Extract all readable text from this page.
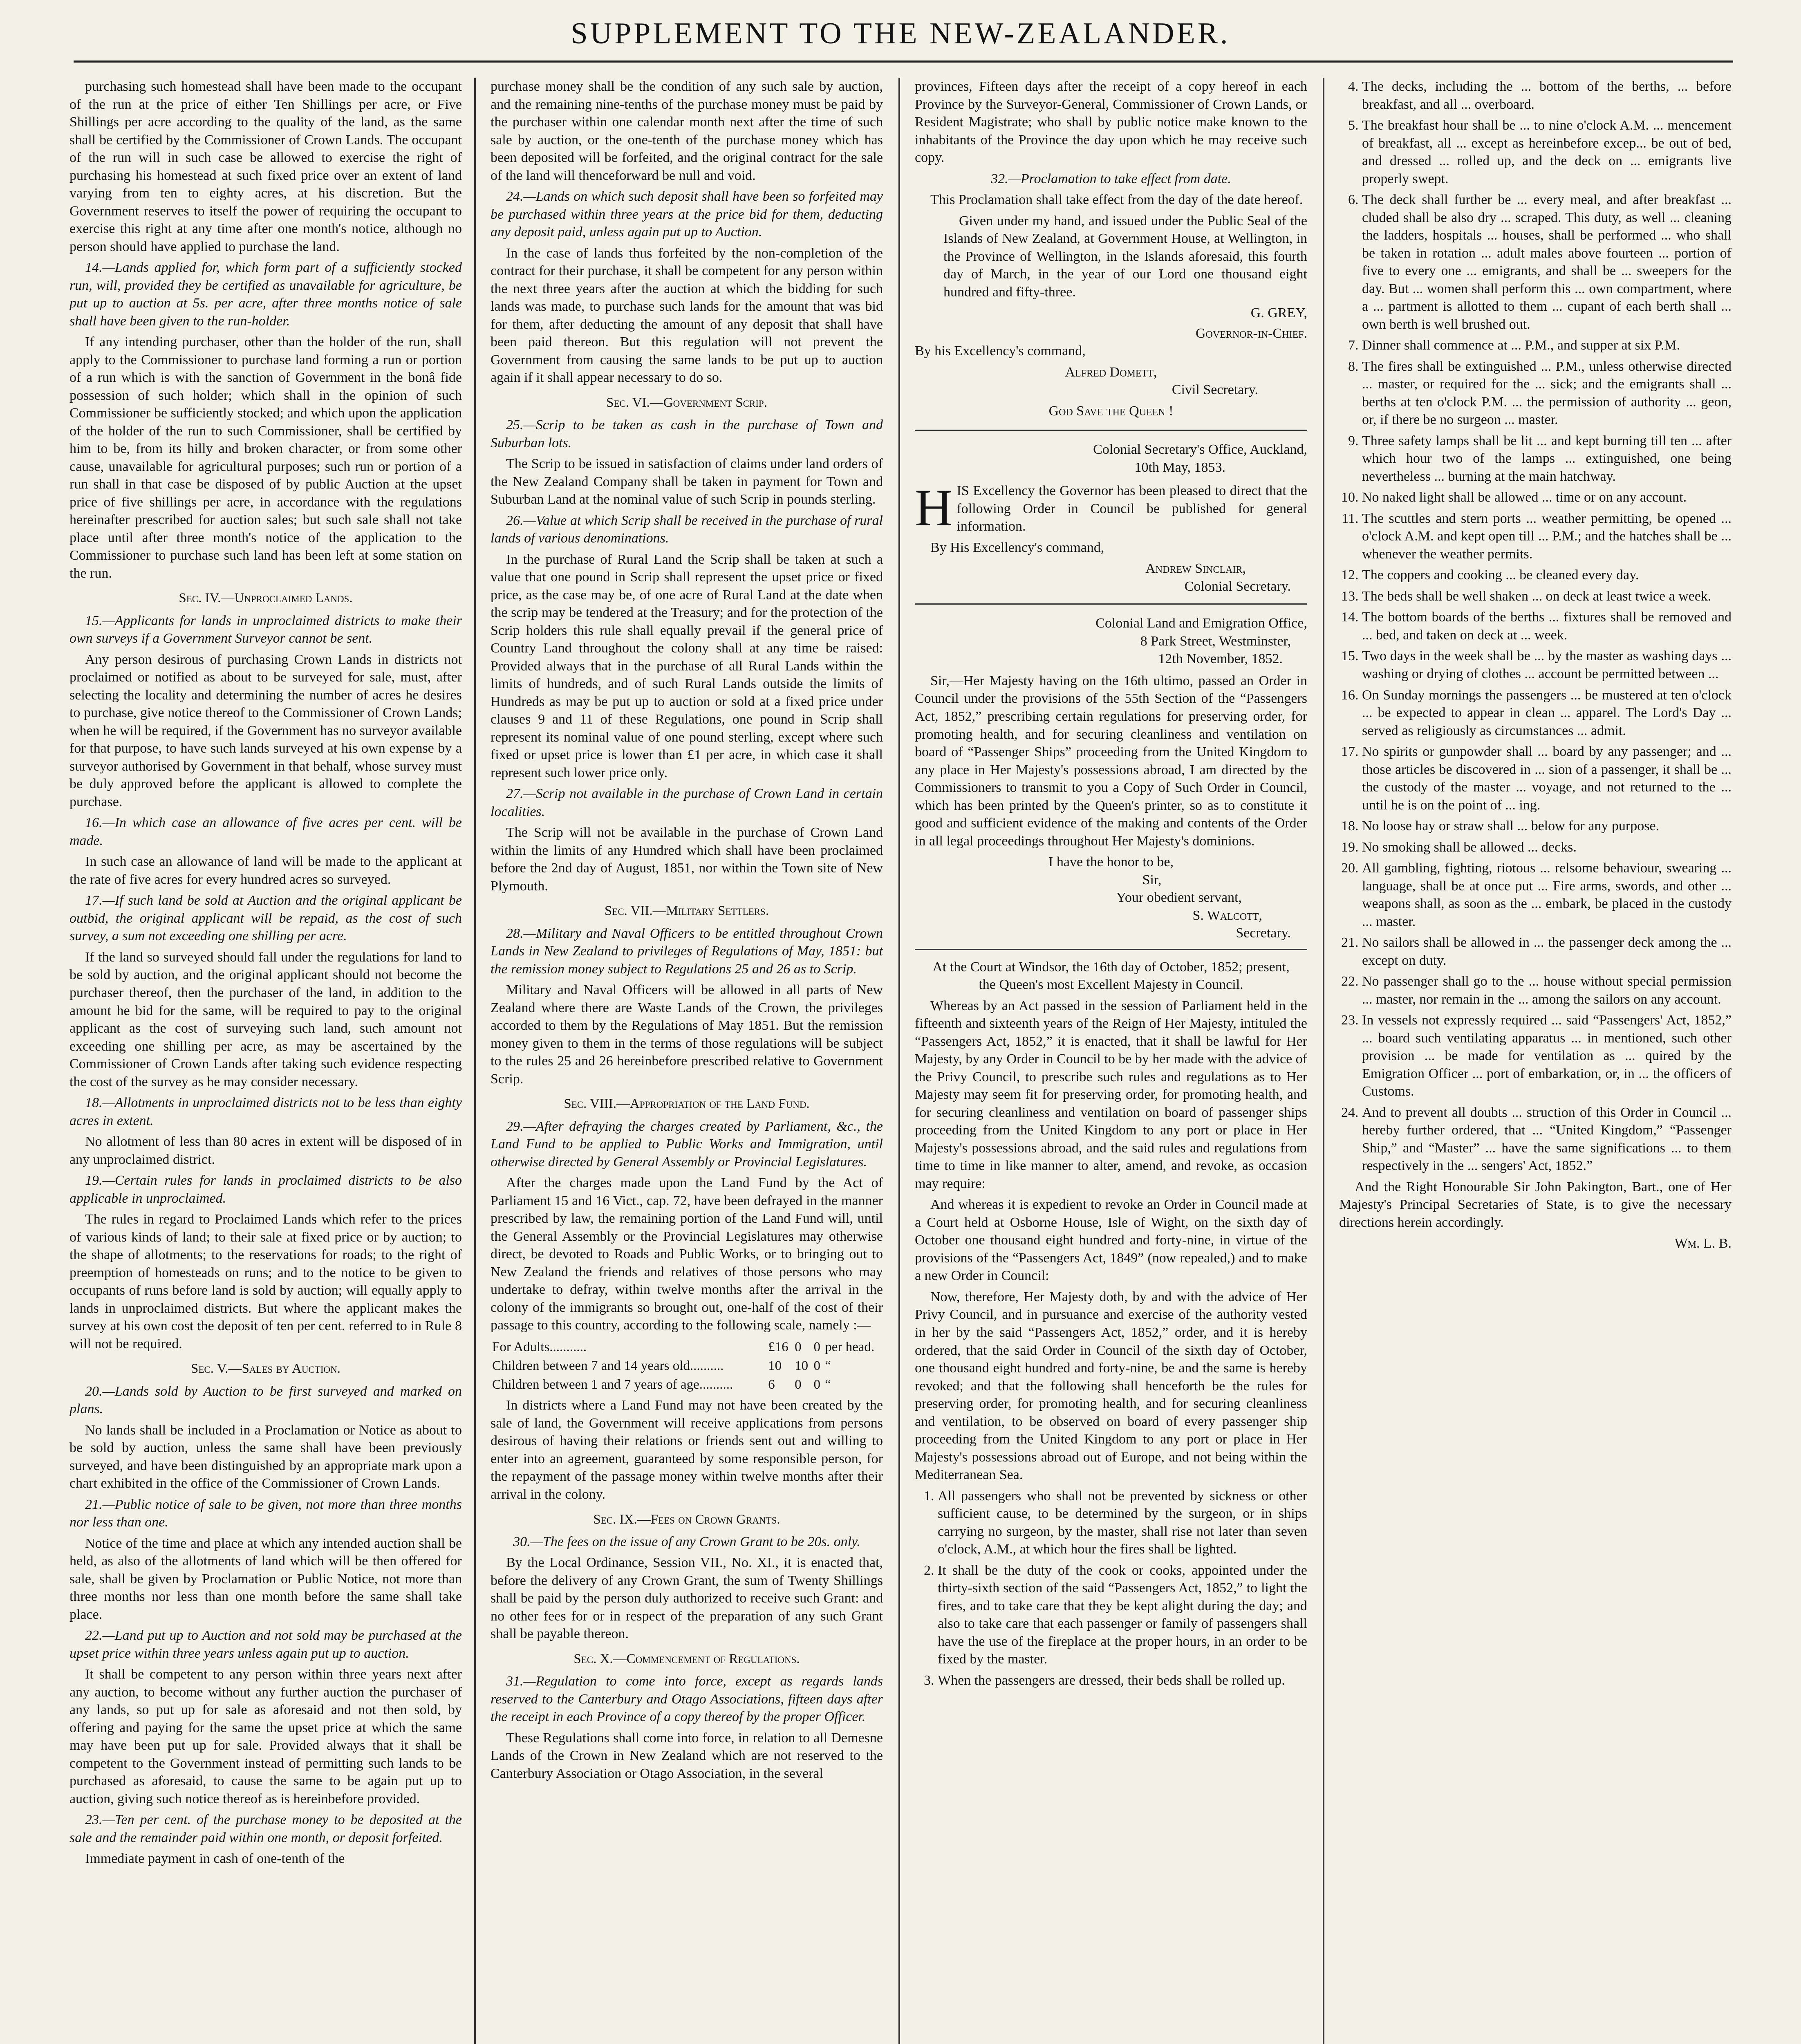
SUPPLEMENT TO THE NEW-ZEALANDER.

purchasing such homestead shall have been made to the occupant of the run at the price of either Ten Shillings per acre, or Five Shillings per acre according to the quality of the land, as the same shall be certified by the Commissioner of Crown Lands. The occupant of the run will in such case be allowed to exercise the right of purchasing his homestead at such fixed price over an extent of land varying from ten to eighty acres, at his discretion. But the Government reserves to itself the power of requiring the occupant to exercise this right at any time after one month's notice, although no person should have applied to purchase the land.

14.—Lands applied for, which form part of a sufficiently stocked run, will, provided they be certified as unavailable for agriculture, be put up to auction at 5s. per acre, after three months notice of sale shall have been given to the run-holder.

If any intending purchaser, other than the holder of the run, shall apply to the Commissioner to purchase land forming a run or portion of a run which is with the sanction of Government in the bonâ fide possession of such holder; which shall in the opinion of such Commissioner be sufficiently stocked; and which upon the application of the holder of the run to such Commissioner, shall be certified by him to be, from its hilly and broken character, or from some other cause, unavailable for agricultural purposes; such run or portion of a run shall in that case be disposed of by public Auction at the upset price of five shillings per acre, in accordance with the regulations hereinafter prescribed for auction sales; but such sale shall not take place until after three month's notice of the application to the Commissioner to purchase such land has been left at some station on the run.

Sec. IV.—Unproclaimed Lands.

15.—Applicants for lands in unproclaimed districts to make their own surveys if a Government Surveyor cannot be sent.

Any person desirous of purchasing Crown Lands in districts not proclaimed or notified as about to be surveyed for sale, must, after selecting the locality and determining the number of acres he desires to purchase, give notice thereof to the Commissioner of Crown Lands; when he will be required, if the Government has no surveyor available for that purpose, to have such lands surveyed at his own expense by a surveyor authorised by Government in that behalf, whose survey must be duly approved before the applicant is allowed to complete the purchase.

16.—In which case an allowance of five acres per cent. will be made.

In such case an allowance of land will be made to the applicant at the rate of five acres for every hundred acres so surveyed.

17.—If such land be sold at Auction and the original applicant be outbid, the original applicant will be repaid, as the cost of such survey, a sum not exceeding one shilling per acre.

If the land so surveyed should fall under the regulations for land to be sold by auction, and the original applicant should not become the purchaser thereof, then the purchaser of the land, in addition to the amount he bid for the same, will be required to pay to the original applicant as the cost of surveying such land, such amount not exceeding one shilling per acre, as may be ascertained by the Commissioner of Crown Lands after taking such evidence respecting the cost of the survey as he may consider necessary.

18.—Allotments in unproclaimed districts not to be less than eighty acres in extent.

No allotment of less than 80 acres in extent will be disposed of in any unproclaimed district.

19.—Certain rules for lands in proclaimed districts to be also applicable in unproclaimed.

The rules in regard to Proclaimed Lands which refer to the prices of various kinds of land; to their sale at fixed price or by auction; to the shape of allotments; to the reservations for roads; to the right of preemption of homesteads on runs; and to the notice to be given to occupants of runs before land is sold by auction; will equally apply to lands in unproclaimed districts. But where the applicant makes the survey at his own cost the deposit of ten per cent. referred to in Rule 8 will not be required.

Sec. V.—Sales by Auction.

20.—Lands sold by Auction to be first surveyed and marked on plans.

No lands shall be included in a Proclamation or Notice as about to be sold by auction, unless the same shall have been previously surveyed, and have been distinguished by an appropriate mark upon a chart exhibited in the office of the Commissioner of Crown Lands.

21.—Public notice of sale to be given, not more than three months nor less than one.

Notice of the time and place at which any intended auction shall be held, as also of the allotments of land which will be then offered for sale, shall be given by Proclamation or Public Notice, not more than three months nor less than one month before the same shall take place.

22.—Land put up to Auction and not sold may be purchased at the upset price within three years unless again put up to auction.

It shall be competent to any person within three years next after any auction, to become without any further auction the purchaser of any lands, so put up for sale as aforesaid and not then sold, by offering and paying for the same the upset price at which the same may have been put up for sale. Provided always that it shall be competent to the Government instead of permitting such lands to be purchased as aforesaid, to cause the same to be again put up to auction, giving such notice thereof as is hereinbefore provided.

23.—Ten per cent. of the purchase money to be deposited at the sale and the remainder paid within one month, or deposit forfeited.

Immediate payment in cash of one-tenth of the

purchase money shall be the condition of any such sale by auction, and the remaining nine-tenths of the purchase money must be paid by the purchaser within one calendar month next after the time of such sale by auction, or the one-tenth of the purchase money which has been deposited will be forfeited, and the original contract for the sale of the land will thenceforward be null and void.

24.—Lands on which such deposit shall have been so forfeited may be purchased within three years at the price bid for them, deducting any deposit paid, unless again put up to Auction.

In the case of lands thus forfeited by the non-completion of the contract for their purchase, it shall be competent for any person within the next three years after the auction at which the bidding for such lands was made, to purchase such lands for the amount that was bid for them, after deducting the amount of any deposit that shall have been paid thereon. But this regulation will not prevent the Government from causing the same lands to be put up to auction again if it shall appear necessary to do so.

Sec. VI.—Government Scrip.

25.—Scrip to be taken as cash in the purchase of Town and Suburban lots.

The Scrip to be issued in satisfaction of claims under land orders of the New Zealand Company shall be taken in payment for Town and Suburban Land at the nominal value of such Scrip in pounds sterling.

26.—Value at which Scrip shall be received in the purchase of rural lands of various denominations.

In the purchase of Rural Land the Scrip shall be taken at such a value that one pound in Scrip shall represent the upset price or fixed price, as the case may be, of one acre of Rural Land at the date when the scrip may be tendered at the Treasury; and for the protection of the Scrip holders this rule shall equally prevail if the general price of Country Land throughout the colony shall at any time be raised: Provided always that in the purchase of all Rural Lands within the limits of hundreds, and of such Rural Lands outside the limits of Hundreds as may be put up to auction or sold at a fixed price under clauses 9 and 11 of these Regulations, one pound in Scrip shall represent its nominal value of one pound sterling, except where such fixed or upset price is lower than £1 per acre, in which case it shall represent such lower price only.

27.—Scrip not available in the purchase of Crown Land in certain localities.

The Scrip will not be available in the purchase of Crown Land within the limits of any Hundred which shall have been proclaimed before the 2nd day of August, 1851, nor within the Town site of New Plymouth.

Sec. VII.—Military Settlers.

28.—Military and Naval Officers to be entitled throughout Crown Lands in New Zealand to privileges of Regulations of May, 1851: but the remission money subject to Regulations 25 and 26 as to Scrip.

Military and Naval Officers will be allowed in all parts of New Zealand where there are Waste Lands of the Crown, the privileges accorded to them by the Regulations of May 1851. But the remission money given to them in the terms of those regulations will be subject to the rules 25 and 26 hereinbefore prescribed relative to Government Scrip.

Sec. VIII.—Appropriation of the Land Fund.

29.—After defraying the charges created by Parliament, &c., the Land Fund to be applied to Public Works and Immigration, until otherwise directed by General Assembly or Provincial Legislatures.

After the charges made upon the Land Fund by the Act of Parliament 15 and 16 Vict., cap. 72, have been defrayed in the manner prescribed by law, the remaining portion of the Land Fund will, until the General Assembly or the Provincial Legislatures may otherwise direct, be devoted to Roads and Public Works, or to bringing out to New Zealand the friends and relatives of those persons who may undertake to defray, within twelve months after the arrival in the colony of the immigrants so brought out, one-half of the cost of their passage to this country, according to the following scale, namely :—

For Adults...........	£16	0	0	per head.
Children between 7 and 14 years old..........	10	10	0	“
Children between 1 and 7 years of age..........	6	0	0	“

In districts where a Land Fund may not have been created by the sale of land, the Government will receive applications from persons desirous of having their relations or friends sent out and willing to enter into an agreement, guaranteed by some responsible person, for the repayment of the passage money within twelve months after their arrival in the colony.

Sec. IX.—Fees on Crown Grants.

30.—The fees on the issue of any Crown Grant to be 20s. only.

By the Local Ordinance, Session VII., No. XI., it is enacted that, before the delivery of any Crown Grant, the sum of Twenty Shillings shall be paid by the person duly authorized to receive such Grant: and no other fees for or in respect of the preparation of any such Grant shall be payable thereon.

Sec. X.—Commencement of Regulations.

31.—Regulation to come into force, except as regards lands reserved to the Canterbury and Otago Associations, fifteen days after the receipt in each Province of a copy thereof by the proper Officer.

These Regulations shall come into force, in relation to all Demesne Lands of the Crown in New Zealand which are not reserved to the Canterbury Association or Otago Association, in the several

provinces, Fifteen days after the receipt of a copy hereof in each Province by the Surveyor-General, Commissioner of Crown Lands, or Resident Magistrate; who shall by public notice make known to the inhabitants of the Province the day upon which he may receive such copy.

32.—Proclamation to take effect from date.

This Proclamation shall take effect from the day of the date hereof.

Given under my hand, and issued under the Public Seal of the Islands of New Zealand, at Government House, at Wellington, in the Province of Wellington, in the Islands aforesaid, this fourth day of March, in the year of our Lord one thousand eight hundred and fifty-three.

G. GREY,
Governor-in-Chief.

By his Excellency's command,

Alfred Domett,
Civil Secretary.
God Save the Queen !
Colonial Secretary's Office, Auckland,
10th May, 1853.

H IS Excellency the Governor has been pleased to direct that the following Order in Council be published for general information.

By His Excellency's command,

Andrew Sinclair,
Colonial Secretary.
Colonial Land and Emigration Office,
8 Park Street, Westminster,
12th November, 1852.

Sir,—Her Majesty having on the 16th ultimo, passed an Order in Council under the provisions of the 55th Section of the “Passengers Act, 1852,” prescribing certain regulations for preserving order, for promoting health, and for securing cleanliness and ventilation on board of “Passenger Ships” proceeding from the United Kingdom to any place in Her Majesty's possessions abroad, I am directed by the Commissioners to transmit to you a Copy of Such Order in Council, which has been printed by the Queen's printer, so as to constitute it good and sufficient evidence of the making and contents of the Order in all legal proceedings throughout Her Majesty's dominions.

I have the honor to be,
Sir,
Your obedient servant,
S. Walcott,
Secretary.

At the Court at Windsor, the 16th day of October, 1852; present, the Queen's most Excellent Majesty in Council.

Whereas by an Act passed in the session of Parliament held in the fifteenth and sixteenth years of the Reign of Her Majesty, intituled the “Passengers Act, 1852,” it is enacted, that it shall be lawful for Her Majesty, by any Order in Council to be by her made with the advice of the Privy Council, to prescribe such rules and regulations as to Her Majesty may seem fit for preserving order, for promoting health, and for securing cleanliness and ventilation on board of passenger ships proceeding from the United Kingdom to any port or place in Her Majesty's possessions abroad, and the said rules and regulations from time to time in like manner to alter, amend, and revoke, as occasion may require:

And whereas it is expedient to revoke an Order in Council made at a Court held at Osborne House, Isle of Wight, on the sixth day of October one thousand eight hundred and forty-nine, in virtue of the provisions of the “Passengers Act, 1849” (now repealed,) and to make a new Order in Council:

Now, therefore, Her Majesty doth, by and with the advice of Her Privy Council, and in pursuance and exercise of the authority vested in her by the said “Passengers Act, 1852,” order, and it is hereby ordered, that the said Order in Council of the sixth day of October, one thousand eight hundred and forty-nine, be and the same is hereby revoked; and that the following shall henceforth be the rules for preserving order, for promoting health, and for securing cleanliness and ventilation, to be observed on board of every passenger ship proceeding from the United Kingdom to any port or place in Her Majesty's possessions abroad out of Europe, and not being within the Mediterranean Sea.

1. All passengers who shall not be prevented by sickness or other sufficient cause, to be determined by the surgeon, or in ships carrying no surgeon, by the master, shall rise not later than seven o'clock, A.M., at which hour the fires shall be lighted.
2. It shall be the duty of the cook or cooks, appointed under the thirty-sixth section of the said “Passengers Act, 1852,” to light the fires, and to take care that they be kept alight during the day; and also to take care that each passenger or family of passengers shall have the use of the fireplace at the proper hours, in an order to be fixed by the master.
3. When the passengers are dressed, their beds shall be rolled up.
4. The decks, including the ... bottom of the berths, ... before breakfast, and all ... overboard.
5. The breakfast hour shall be ... to nine o'clock A.M. ... mencement of breakfast, all ... except as hereinbefore excep... be out of bed, and dressed ... rolled up, and the deck on ... emigrants live properly swept.
6. The deck shall further be ... every meal, and after breakfast ... cluded shall be also dry ... scraped. This duty, as well ... cleaning the ladders, hospitals ... houses, shall be performed ... who shall be taken in rotation ... adult males above fourteen ... portion of five to every one ... emigrants, and shall be ... sweepers for the day. But ... women shall perform this ... own compartment, where a ... partment is allotted to them ... cupant of each berth shall ... own berth is well brushed out.
7. Dinner shall commence at ... P.M., and supper at six P.M.
8. The fires shall be extinguished ... P.M., unless otherwise directed ... master, or required for the ... sick; and the emigrants shall ... berths at ten o'clock P.M. ... the permission of authority ... geon, or, if there be no surgeon ... master.
9. Three safety lamps shall be lit ... and kept burning till ten ... after which hour two of the lamps ... extinguished, one being nevertheless ... burning at the main hatchway.
10. No naked light shall be allowed ... time or on any account.
11. The scuttles and stern ports ... weather permitting, be opened ... o'clock A.M. and kept open till ... P.M.; and the hatches shall be ... whenever the weather permits.
12. The coppers and cooking ... be cleaned every day.
13. The beds shall be well shaken ... on deck at least twice a week.
14. The bottom boards of the berths ... fixtures shall be removed and ... bed, and taken on deck at ... week.
15. Two days in the week shall be ... by the master as washing days ... washing or drying of clothes ... account be permitted between ...
16. On Sunday mornings the passengers ... be mustered at ten o'clock ... be expected to appear in clean ... apparel. The Lord's Day ... served as religiously as circumstances ... admit.
17. No spirits or gunpowder shall ... board by any passenger; and ... those articles be discovered in ... sion of a passenger, it shall be ... the custody of the master ... voyage, and not returned to the ... until he is on the point of ... ing.
18. No loose hay or straw shall ... below for any purpose.
19. No smoking shall be allowed ... decks.
20. All gambling, fighting, riotous ... relsome behaviour, swearing ... language, shall be at once put ... Fire arms, swords, and other ... weapons shall, as soon as the ... embark, be placed in the custody ... master.
21. No sailors shall be allowed in ... the passenger deck among the ... except on duty.
22. No passenger shall go to the ... house without special permission ... master, nor remain in the ... among the sailors on any account.
23. In vessels not expressly required ... said “Passengers' Act, 1852,” ... board such ventilating apparatus ... in mentioned, such other provision ... be made for ventilation as ... quired by the Emigration Officer ... port of embarkation, or, in ... the officers of Customs.
24. And to prevent all doubts ... struction of this Order in Council ... hereby further ordered, that ... “United Kingdom,” “Passenger Ship,” and “Master” ... have the same significations ... to them respectively in the ... sengers' Act, 1852.”

And the Right Honourable Sir John Pakington, Bart., one of Her Majesty's Principal Secretaries of State, is to give the necessary directions herein accordingly.

Wm. L. B.
